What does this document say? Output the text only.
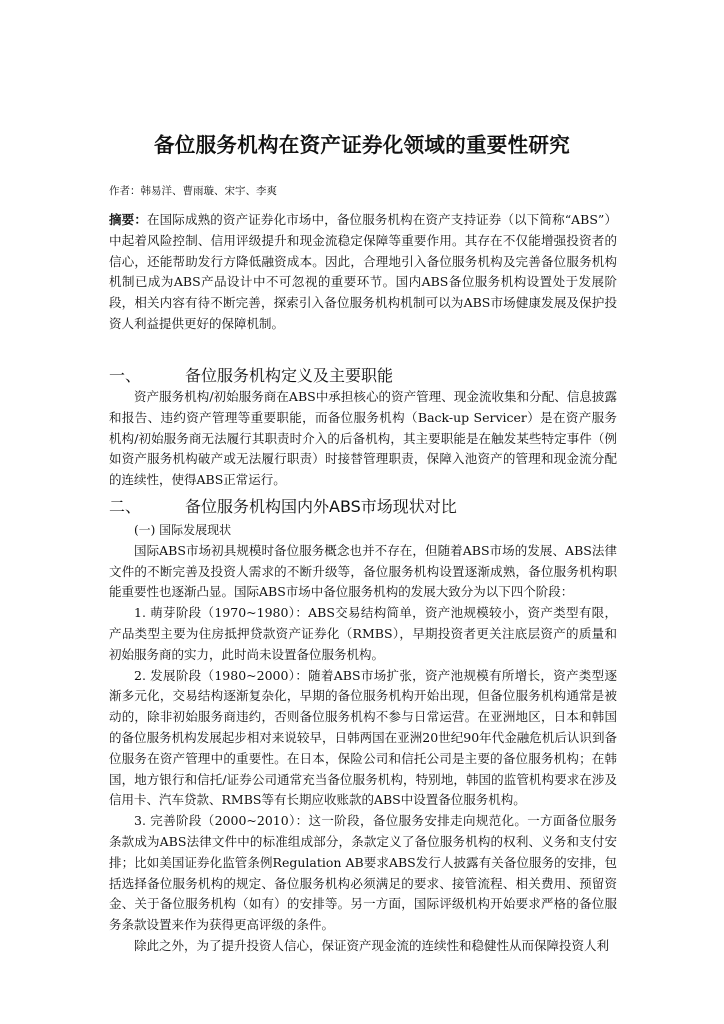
备位服务机构在资产证券化领域的重要性研究
作者：韩易洋、曹雨璇、宋宇、李爽

摘要：在国际成熟的资产证券化市场中，备位服务机构在资产支持证券（以下简称“ABS”）中起着风险控制、信用评级提升和现金流稳定保障等重要作用。其存在不仅能增强投资者的信心，还能帮助发行方降低融资成本。因此，合理地引入备位服务机构及完善备位服务机构机制已成为ABS产品设计中不可忽视的重要环节。国内ABS备位服务机构设置处于发展阶段，相关内容有待不断完善，探索引入备位服务机构机制可以为ABS市场健康发展及保护投资人利益提供更好的保障机制。

一、	备位服务机构定义及主要职能

资产服务机构/初始服务商在ABS中承担核心的资产管理、现金流收集和分配、信息披露和报告、违约资产管理等重要职能，而备位服务机构（Back-up Servicer）是在资产服务机构/初始服务商无法履行其职责时介入的后备机构，其主要职能是在触发某些特定事件（例如资产服务机构破产或无法履行职责）时接替管理职责，保障入池资产的管理和现金流分配的连续性，使得ABS正常运行。

二、	备位服务机构国内外ABS市场现状对比

(一) 国际发展现状

国际ABS市场初具规模时备位服务概念也并不存在，但随着ABS市场的发展、ABS法律文件的不断完善及投资人需求的不断升级等，备位服务机构设置逐渐成熟，备位服务机构职能重要性也逐渐凸显。国际ABS市场中备位服务机构的发展大致分为以下四个阶段：

1. 萌芽阶段（1970~1980）：ABS交易结构简单，资产池规模较小，资产类型有限，产品类型主要为住房抵押贷款资产证券化（RMBS），早期投资者更关注底层资产的质量和初始服务商的实力，此时尚未设置备位服务机构。

2. 发展阶段（1980~2000）：随着ABS市场扩张，资产池规模有所增长，资产类型逐渐多元化，交易结构逐渐复杂化，早期的备位服务机构开始出现，但备位服务机构通常是被动的，除非初始服务商违约，否则备位服务机构不参与日常运营。在亚洲地区，日本和韩国的备位服务机构发展起步相对来说较早，日韩两国在亚洲20世纪90年代金融危机后认识到备位服务在资产管理中的重要性。在日本，保险公司和信托公司是主要的备位服务机构；在韩国，地方银行和信托/证券公司通常充当备位服务机构，特别地，韩国的监管机构要求在涉及信用卡、汽车贷款、RMBS等有长期应收账款的ABS中设置备位服务机构。

3. 完善阶段（2000~2010）：这一阶段，备位服务安排走向规范化。一方面备位服务条款成为ABS法律文件中的标准组成部分，条款定义了备位服务机构的权利、义务和支付安排；比如美国证券化监管条例Regulation AB要求ABS发行人披露有关备位服务的安排，包括选择备位服务机构的规定、备位服务机构必须满足的要求、接管流程、相关费用、预留资金、关于备位服务机构（如有）的安排等。另一方面，国际评级机构开始要求严格的备位服务条款设置来作为获得更高评级的条件。

除此之外，为了提升投资人信心，保证资产现金流的连续性和稳健性从而保障投资人利
